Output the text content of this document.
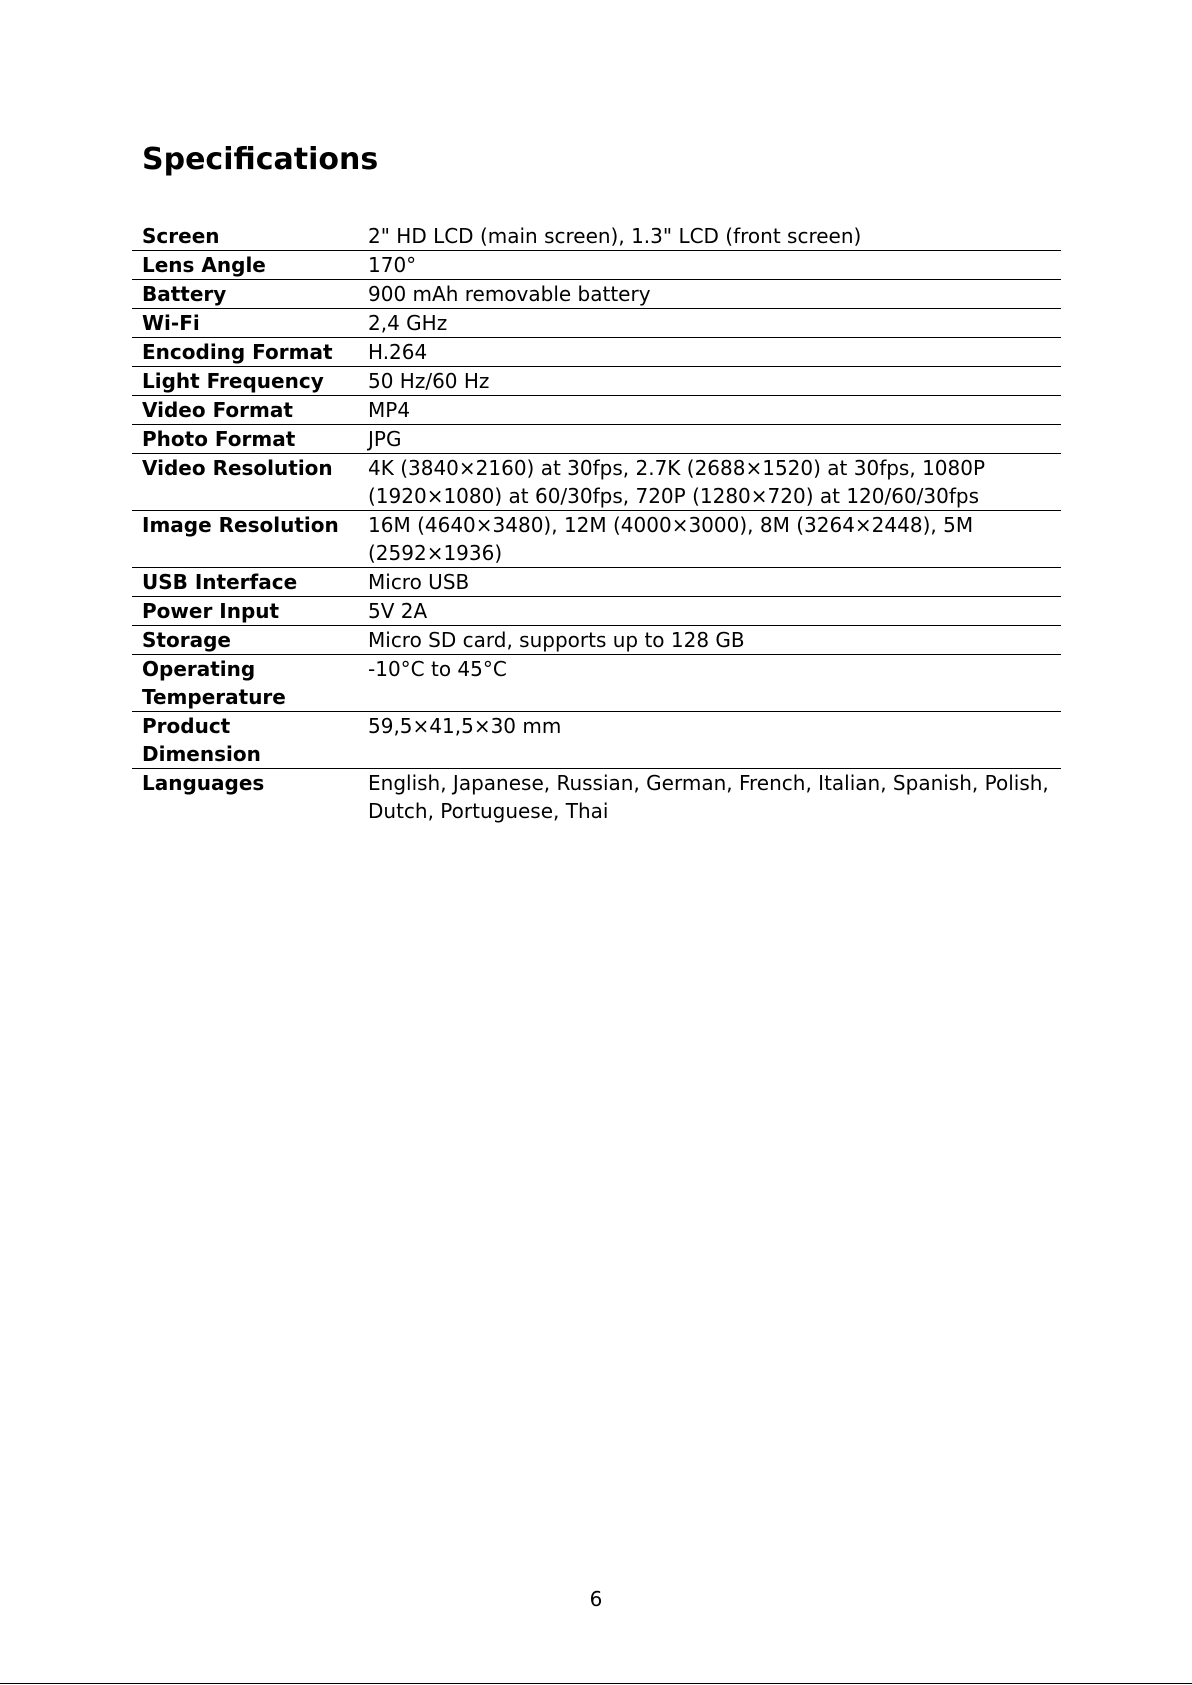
Specifications
Screen	2" HD LCD (main screen), 1.3" LCD (front screen)
Lens Angle	170°
Battery	900 mAh removable battery
Wi-Fi	2,4 GHz
Encoding Format	H.264
Light Frequency	50 Hz/60 Hz
Video Format	MP4
Photo Format	JPG
Video Resolution	4K (3840×2160) at 30fps, 2.7K (2688×1520) at 30fps, 1080P (1920×1080) at 60/30fps, 720P (1280×720) at 120/60/30fps
Image Resolution	16M (4640×3480), 12M (4000×3000), 8M (3264×2448), 5M (2592×1936)
USB Interface	Micro USB
Power Input	5V 2A
Storage	Micro SD card, supports up to 128 GB
Operating Temperature	-10°C to 45°C
Product Dimension	59,5×41,5×30 mm
Languages	English, Japanese, Russian, German, French, Italian, Spanish, Polish, Dutch, Portuguese, Thai
6
